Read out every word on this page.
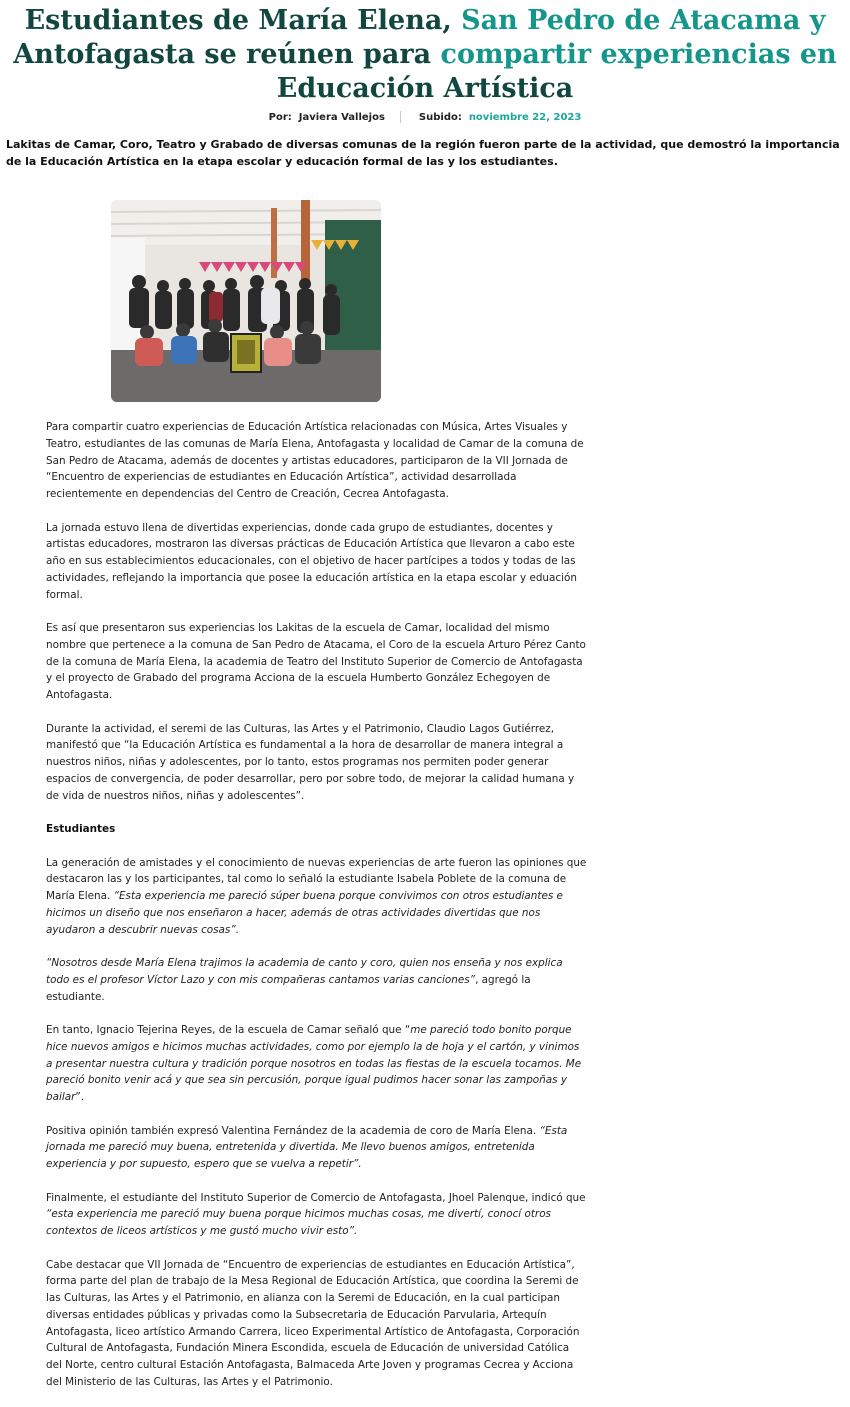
Estudiantes de María Elena, San Pedro de Atacama y
Antofagasta se reúnen para compartir experiencias en
Educación Artística
Por: Javiera Vallejos	Subido: noviembre 22, 2023

Lakitas de Camar, Coro, Teatro y Grabado de diversas comunas de la región fueron parte de la actividad, que demostró la importancia de la Educación Artística en la etapa escolar y educación formal de las y los estudiantes.

Para compartir cuatro experiencias de Educación Artística relacionadas con Música, Artes Visuales y Teatro, estudiantes de las comunas de María Elena, Antofagasta y localidad de Camar de la comuna de San Pedro de Atacama, además de docentes y artistas educadores, participaron de la VII Jornada de “Encuentro de experiencias de estudiantes en Educación Artística”, actividad desarrollada recientemente en dependencias del Centro de Creación, Cecrea Antofagasta.

La jornada estuvo llena de divertidas experiencias, donde cada grupo de estudiantes, docentes y artistas educadores, mostraron las diversas prácticas de Educación Artística que llevaron a cabo este año en sus establecimientos educacionales, con el objetivo de hacer partícipes a todos y todas de las actividades, reflejando la importancia que posee la educación artística en la etapa escolar y eduación formal.

Es así que presentaron sus experiencias los Lakitas de la escuela de Camar, localidad del mismo nombre que pertenece a la comuna de San Pedro de Atacama, el Coro de la escuela Arturo Pérez Canto de la comuna de María Elena, la academia de Teatro del Instituto Superior de Comercio de Antofagasta y el proyecto de Grabado del programa Acciona de la escuela Humberto González Echegoyen de Antofagasta.

Durante la actividad, el seremi de las Culturas, las Artes y el Patrimonio, Claudio Lagos Gutiérrez, manifestó que “la Educación Artística es fundamental a la hora de desarrollar de manera integral a nuestros niños, niñas y adolescentes, por lo tanto, estos programas nos permiten poder generar espacios de convergencia, de poder desarrollar, pero por sobre todo, de mejorar la calidad humana y de vida de nuestros niños, niñas y adolescentes”.

Estudiantes

La generación de amistades y el conocimiento de nuevas experiencias de arte fueron las opiniones que destacaron las y los participantes, tal como lo señaló la estudiante Isabela Poblete de la comuna de María Elena. “Esta experiencia me pareció súper buena porque convivimos con otros estudiantes e hicimos un diseño que nos enseñaron a hacer, además de otras actividades divertidas que nos ayudaron a descubrir nuevas cosas”.

“Nosotros desde María Elena trajimos la academia de canto y coro, quien nos enseña y nos explica todo es el profesor Víctor Lazo y con mis compañeras cantamos varias canciones”, agregó la estudiante.

En tanto, Ignacio Tejerina Reyes, de la escuela de Camar señaló que “me pareció todo bonito porque hice nuevos amigos e hicimos muchas actividades, como por ejemplo la de hoja y el cartón, y vinimos a presentar nuestra cultura y tradición porque nosotros en todas las fiestas de la escuela tocamos. Me pareció bonito venir acá y que sea sin percusión, porque igual pudimos hacer sonar las zampoñas y bailar”.

Positiva opinión también expresó Valentina Fernández de la academia de coro de María Elena. “Esta jornada me pareció muy buena, entretenida y divertida. Me llevo buenos amigos, entretenida experiencia y por supuesto, espero que se vuelva a repetir”.

Finalmente, el estudiante del Instituto Superior de Comercio de Antofagasta, Jhoel Palenque, indicó que “esta experiencia me pareció muy buena porque hicimos muchas cosas, me divertí, conocí otros contextos de liceos artísticos y me gustó mucho vivir esto”.

Cabe destacar que VII Jornada de “Encuentro de experiencias de estudiantes en Educación Artística”, forma parte del plan de trabajo de la Mesa Regional de Educación Artística, que coordina la Seremi de las Culturas, las Artes y el Patrimonio, en alianza con la Seremi de Educación, en la cual participan diversas entidades públicas y privadas como la Subsecretaria de Educación Parvularia, Artequín Antofagasta, liceo artístico Armando Carrera, liceo Experimental Artístico de Antofagasta, Corporación Cultural de Antofagasta, Fundación Minera Escondida, escuela de Educación de universidad Católica del Norte, centro cultural Estación Antofagasta, Balmaceda Arte Joven y programas Cecrea y Acciona del Ministerio de las Culturas, las Artes y el Patrimonio.
